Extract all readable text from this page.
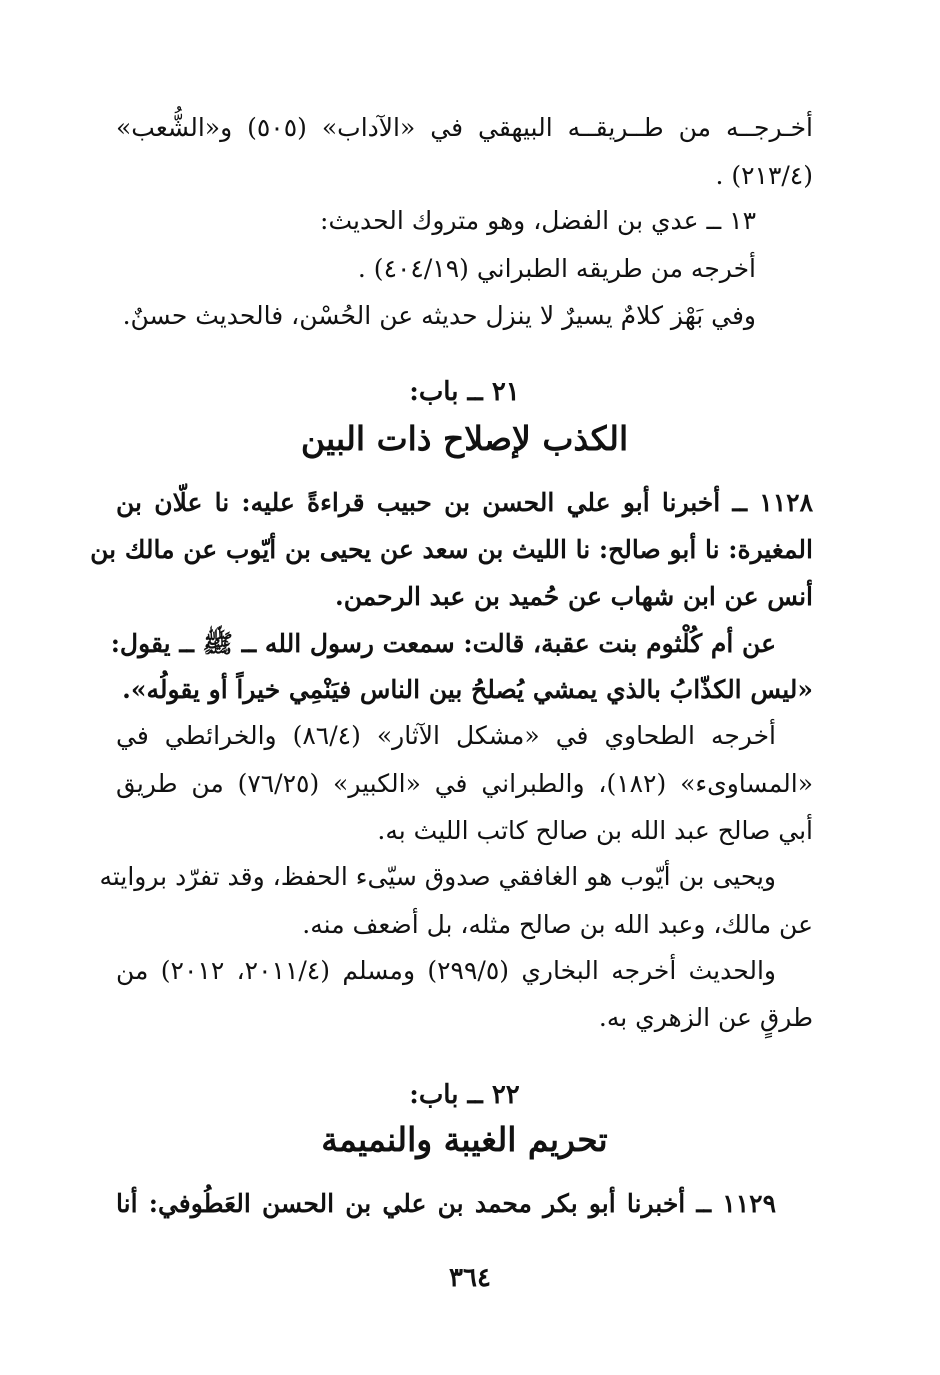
أخـرجــه من طــريقــه البيهقي في «الآداب» (٥٠٥) و«الشُّعب»
(٢١٣/٤) .
١٣ ــ عدي بن الفضل، وهو متروك الحديث:
أخرجه من طريقه الطبراني (٤٠٤/١٩) .
وفي بَهْز كلامٌ يسيرٌ لا ينزل حديثه عن الحُسْن، فالحديث حسنٌ.
٢١ ــ باب:
الكذب لإصلاح ذات البين
١١٢٨ ــ أخبرنا أبو علي الحسن بن حبيب قراءةً عليه: نا علّان بن
المغيرة: نا أبو صالح: نا الليث بن سعد عن يحيى بن أيّوب عن مالك بن
أنس عن ابن شهاب عن حُميد بن عبد الرحمن.
عن أم كُلْثوم بنت عقبة، قالت: سمعت رسول الله ــ ﷺ ــ يقول:
«ليس الكذّابُ بالذي يمشي يُصلحُ بين الناس فيَنْمِي خيراً أو يقولُه».
أخرجه الطحاوي في «مشكل الآثار» (٨٦/٤) والخرائطي في
«المساوىء» (١٨٢)، والطبراني في «الكبير» (٧٦/٢٥) من طريق
أبي صالح عبد الله بن صالح كاتب الليث به.
ويحيى بن أيّوب هو الغافقي صدوق سيّىء الحفظ، وقد تفرّد بروايته
عن مالك، وعبد الله بن صالح مثله، بل أضعف منه.
والحديث أخرجه البخاري (٢٩٩/٥) ومسلم (٢٠١١/٤، ٢٠١٢) من
طرقٍ عن الزهري به.
٢٢ ــ باب:
تحريم الغيبة والنميمة
١١٢٩ ــ أخبرنا أبو بكر محمد بن علي بن الحسن العَطُوفي: أنا
٣٦٤
